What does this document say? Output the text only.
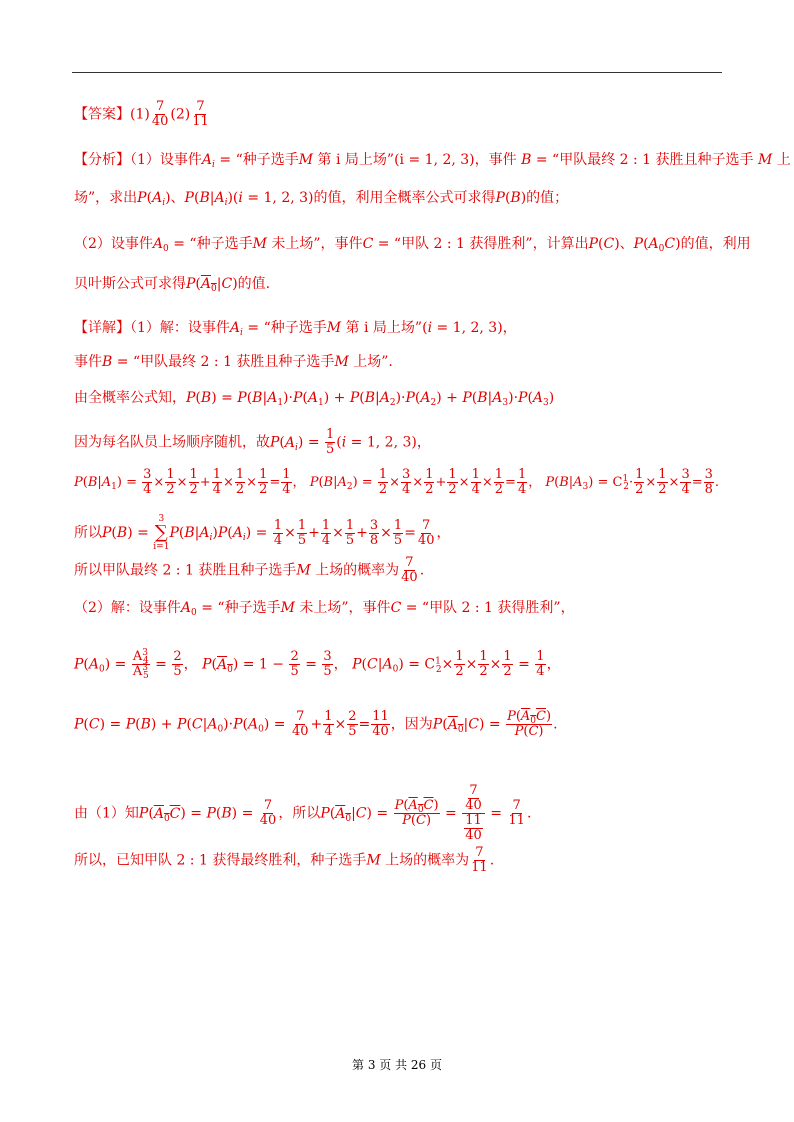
【答案】$(1) \frac{7}{40} (2) \frac{7}{11}$
【分析】（1）设事件$A_i$ = “种子选手M 第 i 局上场”(i = 1, 2, 3)，事件 B = “甲队最终 2 : 1 获胜且种子选手 M 上
场”，求出$P(A_i)$、$P(B|A_i)(i = 1$, 2, 3)的值，利用全概率公式可求得P(B)的值；
（2）设事件$A_0$ = “种子选手M 未上场”，事件C = “甲队 2 : 1 获得胜利”，计算出P(C)、$P(A_0C)$的值，利用
贝叶斯公式可求得$P(A_0|C)$的值.
【详解】（1）解：设事件$A_i$ = “种子选手M 第 i 局上场”(i = 1, 2, 3)，
事件B = “甲队最终 2 : 1 获胜且种子选手M 上场”.
由全概率公式知，$P(B) = P(B|A_1)\cdot P(A_1) + P(B|A_2)\cdot P(A_2) + P(B|A_3)\cdot P(A_3)$
因为每名队员上场顺序随机，故$P(A_i) = \frac{1}{5} (i = 1$, 2, 3)，
$P(B|A_1) = \frac{3}{4} \times \frac{1}{2} \times \frac{1}{2} + \frac{1}{4} \times \frac{1}{2} \times \frac{1}{2} = \frac{1}{4}$ ， $P(B|A_2) = \frac{1}{2} \times \frac{3}{4} \times \frac{1}{2} + \frac{1}{2} \times \frac{1}{4} \times \frac{1}{2} = \frac{1}{4}$ ， $P(B|A_3) = C^1_2\cdot \frac{1}{2} \times \frac{1}{2} \times \frac{3}{4} = \frac{3}{8}$ .
所以P(B) =
3
∑
i=1
$P(B|A_i)P(A_i) = \frac{1}{4} \times \frac{1}{5} + \frac{1}{4} \times \frac{1}{5} + \frac{3}{8} \times \frac{1}{5} = \frac{7}{40}$ ，
所以甲队最终 2 : 1 获胜且种子选手M 上场的概率为 $\frac{7}{40}$ .
（2）解：设事件$A_0$ = “种子选手M 未上场”，事件C = “甲队 2 : 1 获得胜利”，
$P(A_0) = \frac{A^3_4}{A^3_5} = \frac{2}{5}$ ， $P(A_0) = 1 - \frac{2}{5} = \frac{3}{5}$ ， $P(C|A_0) = C^1_2\times \frac{1}{2} \times \frac{1}{2} \times \frac{1}{2} = \frac{1}{4}$ ，
$P(C) = P(B) + P(C|A_0)\cdot P(A_0) = \frac{7}{40} + \frac{1}{4} \times \frac{2}{5} = \frac{11}{40}$ ，因为$P(A_0|C) = \frac{P(A_0C)}{P(C)}$ .
由（1）知$P(A_0C) = P(B) = \frac{7}{40}$ ，所以$P(A_0|C) = \frac{P(A_0C)}{P(C)} = \frac{\frac{7}{40}}{\frac{11}{40}} = \frac{7}{11}$ .
所以，已知甲队 2 : 1 获得最终胜利，种子选手M 上场的概率为 $\frac{7}{11}$ .
第 3 页 共 26 页
